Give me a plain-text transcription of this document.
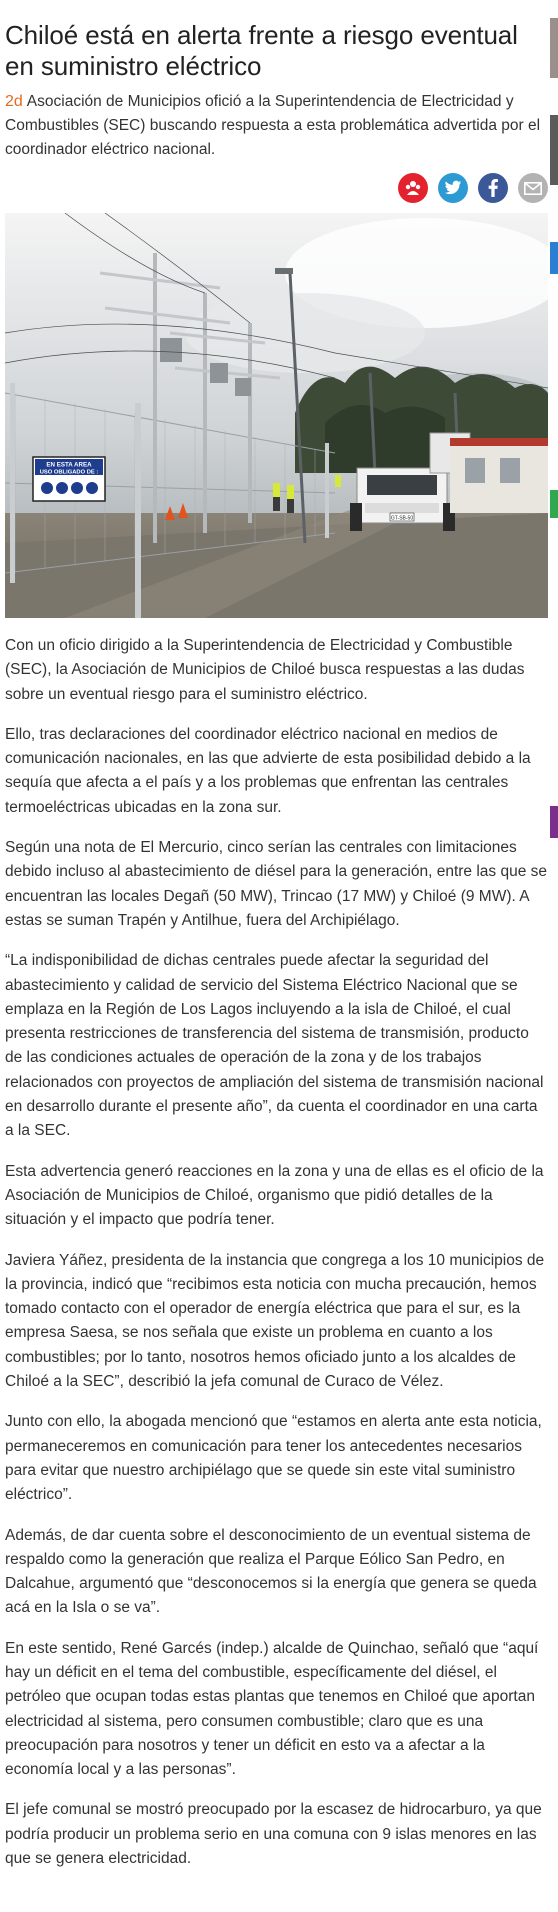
Chiloé está en alerta frente a riesgo eventual en suministro eléctrico

2d Asociación de Municipios ofició a la Superintendencia de Electricidad y Combustibles (SEC) buscando respuesta a esta problemática advertida por el coordinador eléctrico nacional.

GT-SB-50
EN ESTA AREA
USO OBLIGADO DE :

Con un oficio dirigido a la Superintendencia de Electricidad y Combustible (SEC), la Asociación de Municipios de Chiloé busca respuestas a las dudas sobre un eventual riesgo para el suministro eléctrico.

Ello, tras declaraciones del coordinador eléctrico nacional en medios de comunicación nacionales, en las que advierte de esta posibilidad debido a la sequía que afecta a el país y a los problemas que enfrentan las centrales termoeléctricas ubicadas en la zona sur.

Según una nota de El Mercurio, cinco serían las centrales con limitaciones debido incluso al abastecimiento de diésel para la generación, entre las que se encuentran las locales Degañ (50 MW), Trincao (17 MW) y Chiloé (9 MW). A estas se suman Trapén y Antilhue, fuera del Archipiélago.

“La indisponibilidad de dichas centrales puede afectar la seguridad del abastecimiento y calidad de servicio del Sistema Eléctrico Nacional que se emplaza en la Región de Los Lagos incluyendo a la isla de Chiloé, el cual presenta restricciones de transferencia del sistema de transmisión, producto de las condiciones actuales de operación de la zona y de los trabajos relacionados con proyectos de ampliación del sistema de transmisión nacional en desarrollo durante el presente año”, da cuenta el coordinador en una carta a la SEC.

Esta advertencia generó reacciones en la zona y una de ellas es el oficio de la Asociación de Municipios de Chiloé, organismo que pidió detalles de la situación y el impacto que podría tener.

Javiera Yáñez, presidenta de la instancia que congrega a los 10 municipios de la provincia, indicó que “recibimos esta noticia con mucha precaución, hemos tomado contacto con el operador de energía eléctrica que para el sur, es la empresa Saesa, se nos señala que existe un problema en cuanto a los combustibles; por lo tanto, nosotros hemos oficiado junto a los alcaldes de Chiloé a la SEC”, describió la jefa comunal de Curaco de Vélez.

Junto con ello, la abogada mencionó que “estamos en alerta ante esta noticia, permaneceremos en comunicación para tener los antecedentes necesarios para evitar que nuestro archipiélago que se quede sin este vital suministro eléctrico”.

Además, de dar cuenta sobre el desconocimiento de un eventual sistema de respaldo como la generación que realiza el Parque Eólico San Pedro, en Dalcahue, argumentó que “desconocemos si la energía que genera se queda acá en la Isla o se va”.

En este sentido, René Garcés (indep.) alcalde de Quinchao, señaló que “aquí hay un déficit en el tema del combustible, específicamente del diésel, el petróleo que ocupan todas estas plantas que tenemos en Chiloé que aportan electricidad al sistema, pero consumen combustible; claro que es una preocupación para nosotros y tener un déficit en esto va a afectar a la economía local y a las personas”.

El jefe comunal se mostró preocupado por la escasez de hidrocarburo, ya que podría producir un problema serio en una comuna con 9 islas menores en las que se genera electricidad.
